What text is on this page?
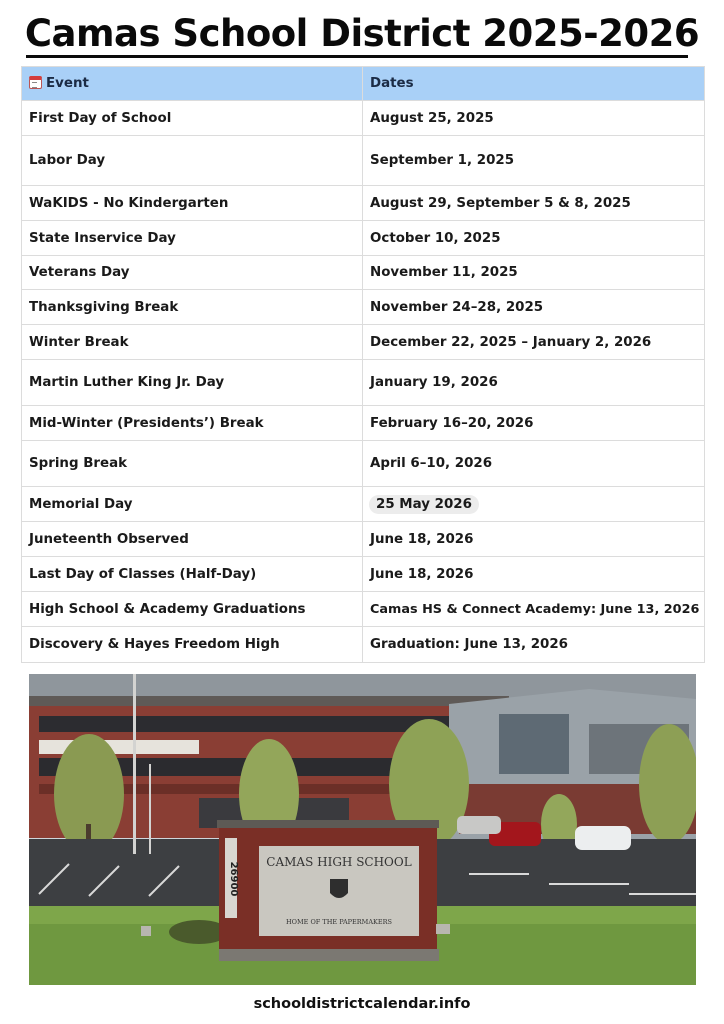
Camas School District 2025-2026
Event	Dates
First Day of School	August 25, 2025
Labor Day	September 1, 2025
WaKIDS - No Kindergarten	August 29, September 5 & 8, 2025
State Inservice Day	October 10, 2025
Veterans Day	November 11, 2025
Thanksgiving Break	November 24–28, 2025
Winter Break	December 22, 2025 – January 2, 2026
Martin Luther King Jr. Day	January 19, 2026
Mid-Winter (Presidents’) Break	February 16–20, 2026
Spring Break	April 6–10, 2026
Memorial Day	25 May 2026
Juneteenth Observed	June 18, 2026
Last Day of Classes (Half-Day)	June 18, 2026
High School & Academy Graduations	Camas HS & Connect Academy: June 13, 2026
Discovery & Hayes Freedom High	Graduation: June 13, 2026
26900 CAMAS HIGH SCHOOL
HOME OF THE PAPERMAKERS
schooldistrictcalendar.info
